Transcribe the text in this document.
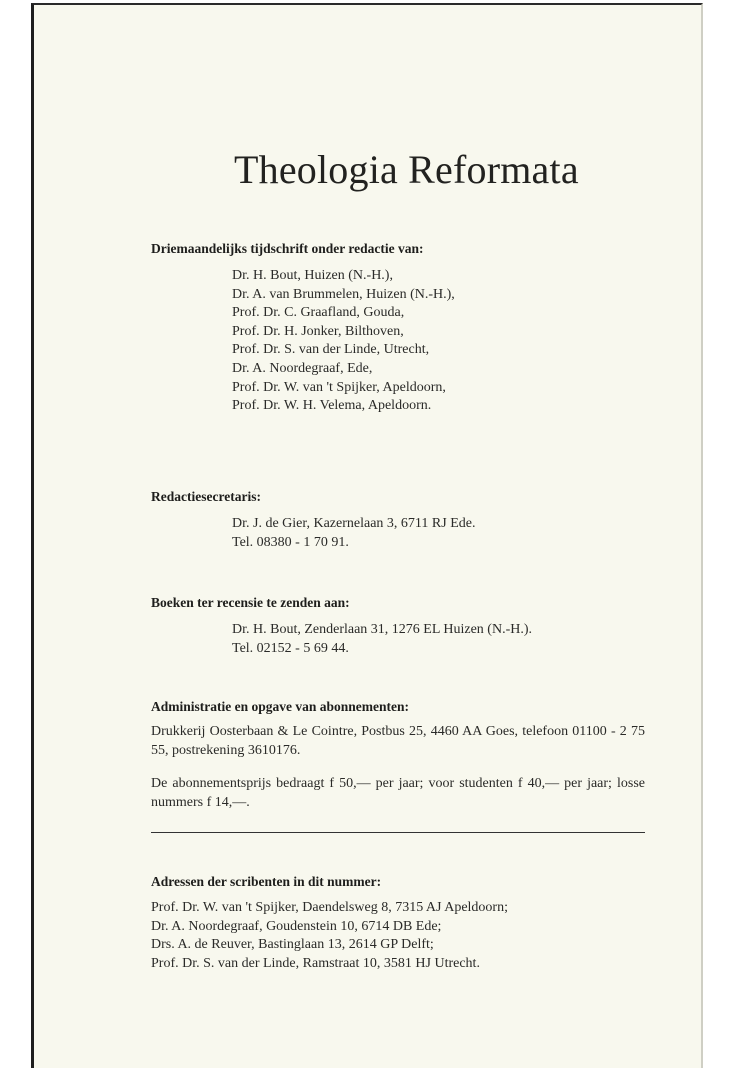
Theologia Reformata
Driemaandelijks tijdschrift onder redactie van:
Dr. H. Bout, Huizen (N.-H.),
Dr. A. van Brummelen, Huizen (N.-H.),
Prof. Dr. C. Graafland, Gouda,
Prof. Dr. H. Jonker, Bilthoven,
Prof. Dr. S. van der Linde, Utrecht,
Dr. A. Noordegraaf, Ede,
Prof. Dr. W. van 't Spijker, Apeldoorn,
Prof. Dr. W. H. Velema, Apeldoorn.
Redactiesecretaris:
Dr. J. de Gier, Kazernelaan 3, 6711 RJ Ede.
Tel. 08380 - 1 70 91.
Boeken ter recensie te zenden aan:
Dr. H. Bout, Zenderlaan 31, 1276 EL Huizen (N.-H.).
Tel. 02152 - 5 69 44.
Administratie en opgave van abonnementen:
Drukkerij Oosterbaan & Le Cointre, Postbus 25, 4460 AA Goes, telefoon 01100 - 2 75 55, postrekening 3610176.
De abonnementsprijs bedraagt f 50,— per jaar; voor studenten f 40,— per jaar; losse nummers f 14,—.
Adressen der scribenten in dit nummer:
Prof. Dr. W. van 't Spijker, Daendelsweg 8, 7315 AJ Apeldoorn;
Dr. A. Noordegraaf, Goudenstein 10, 6714 DB Ede;
Drs. A. de Reuver, Bastinglaan 13, 2614 GP Delft;
Prof. Dr. S. van der Linde, Ramstraat 10, 3581 HJ Utrecht.
